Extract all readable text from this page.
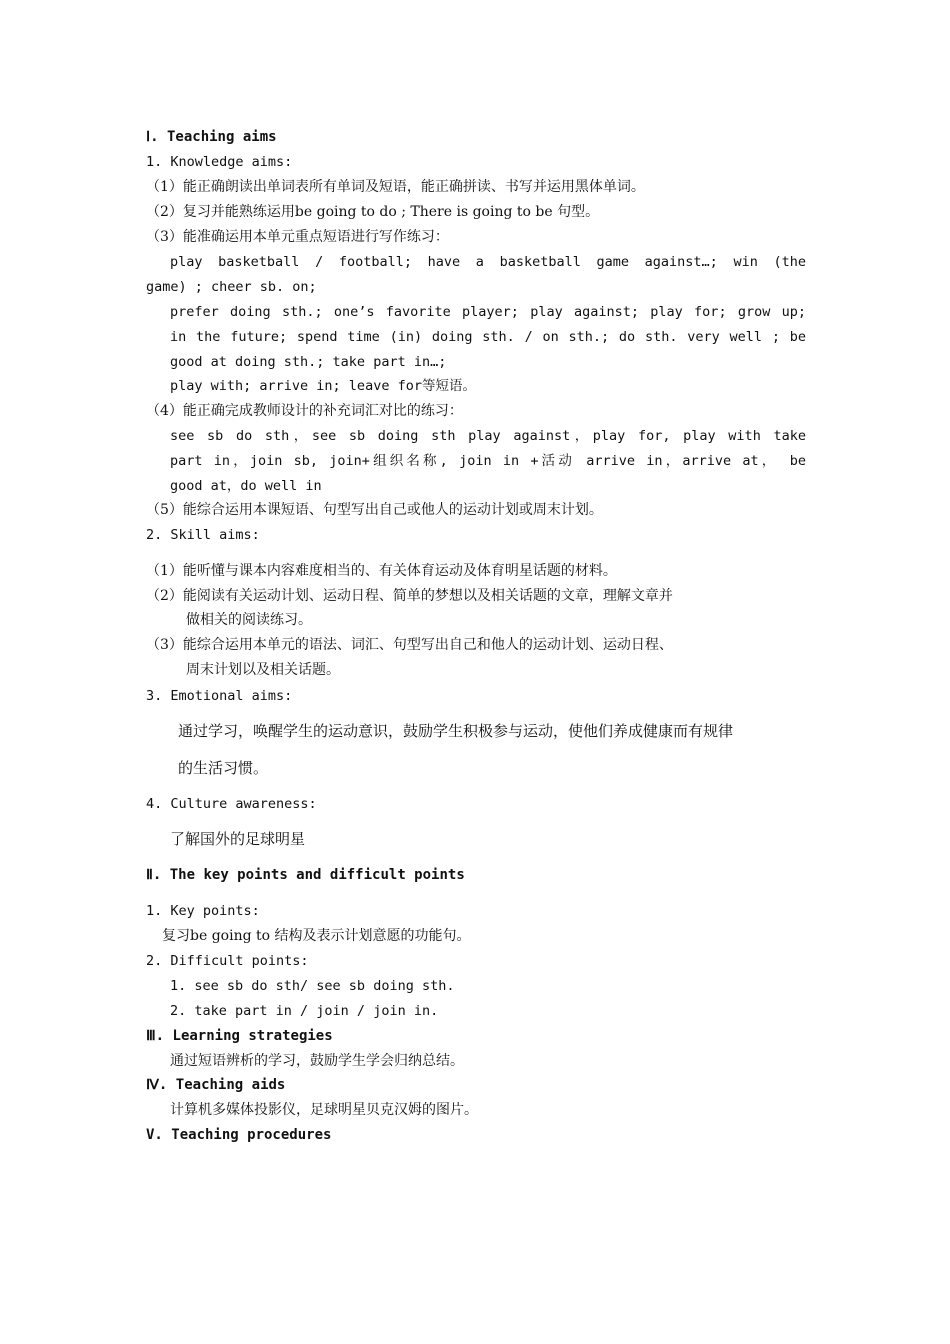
Ⅰ. Teaching aims
1. Knowledge aims:
（1）能正确朗读出单词表所有单词及短语，能正确拼读、书写并运用黑体单词。
（2）复习并能熟练运用be going to do ; There is going to be 句型。
（3）能准确运用本单元重点短语进行写作练习：
play basketball / football; have a basketball game against…; win (the
game) ; cheer sb. on;
prefer doing sth.; one’s favorite player; play against; play for; grow up;
in the future; spend time (in) doing sth. / on sth.; do sth. very well ; be
good at doing sth.; take part in…;
play with; arrive in; leave for等短语。
（4）能正确完成教师设计的补充词汇对比的练习：
see sb do sth，see sb doing sth play against，play for, play with take
part in，join sb, join+组织名称, join in +活动 arrive in，arrive at， be
good at，do well in
（5）能综合运用本课短语、句型写出自己或他人的运动计划或周末计划。
2. Skill aims:
（1）能听懂与课本内容难度相当的、有关体育运动及体育明星话题的材料。
（2）能阅读有关运动计划、运动日程、简单的梦想以及相关话题的文章，理解文章并
做相关的阅读练习。
（3）能综合运用本单元的语法、词汇、句型写出自己和他人的运动计划、运动日程、
周末计划以及相关话题。
3. Emotional aims:
通过学习，唤醒学生的运动意识，鼓励学生积极参与运动，使他们养成健康而有规律
的生活习惯。
4. Culture awareness:
了解国外的足球明星
Ⅱ. The key points and difficult points
1. Key points:
复习be going to 结构及表示计划意愿的功能句。
2. Difficult points:
1. see sb do sth/ see sb doing sth.
2. take part in / join / join in.
Ⅲ. Learning strategies
通过短语辨析的学习，鼓励学生学会归纳总结。
Ⅳ. Teaching aids
计算机多媒体投影仪，足球明星贝克汉姆的图片。
V. Teaching procedures
